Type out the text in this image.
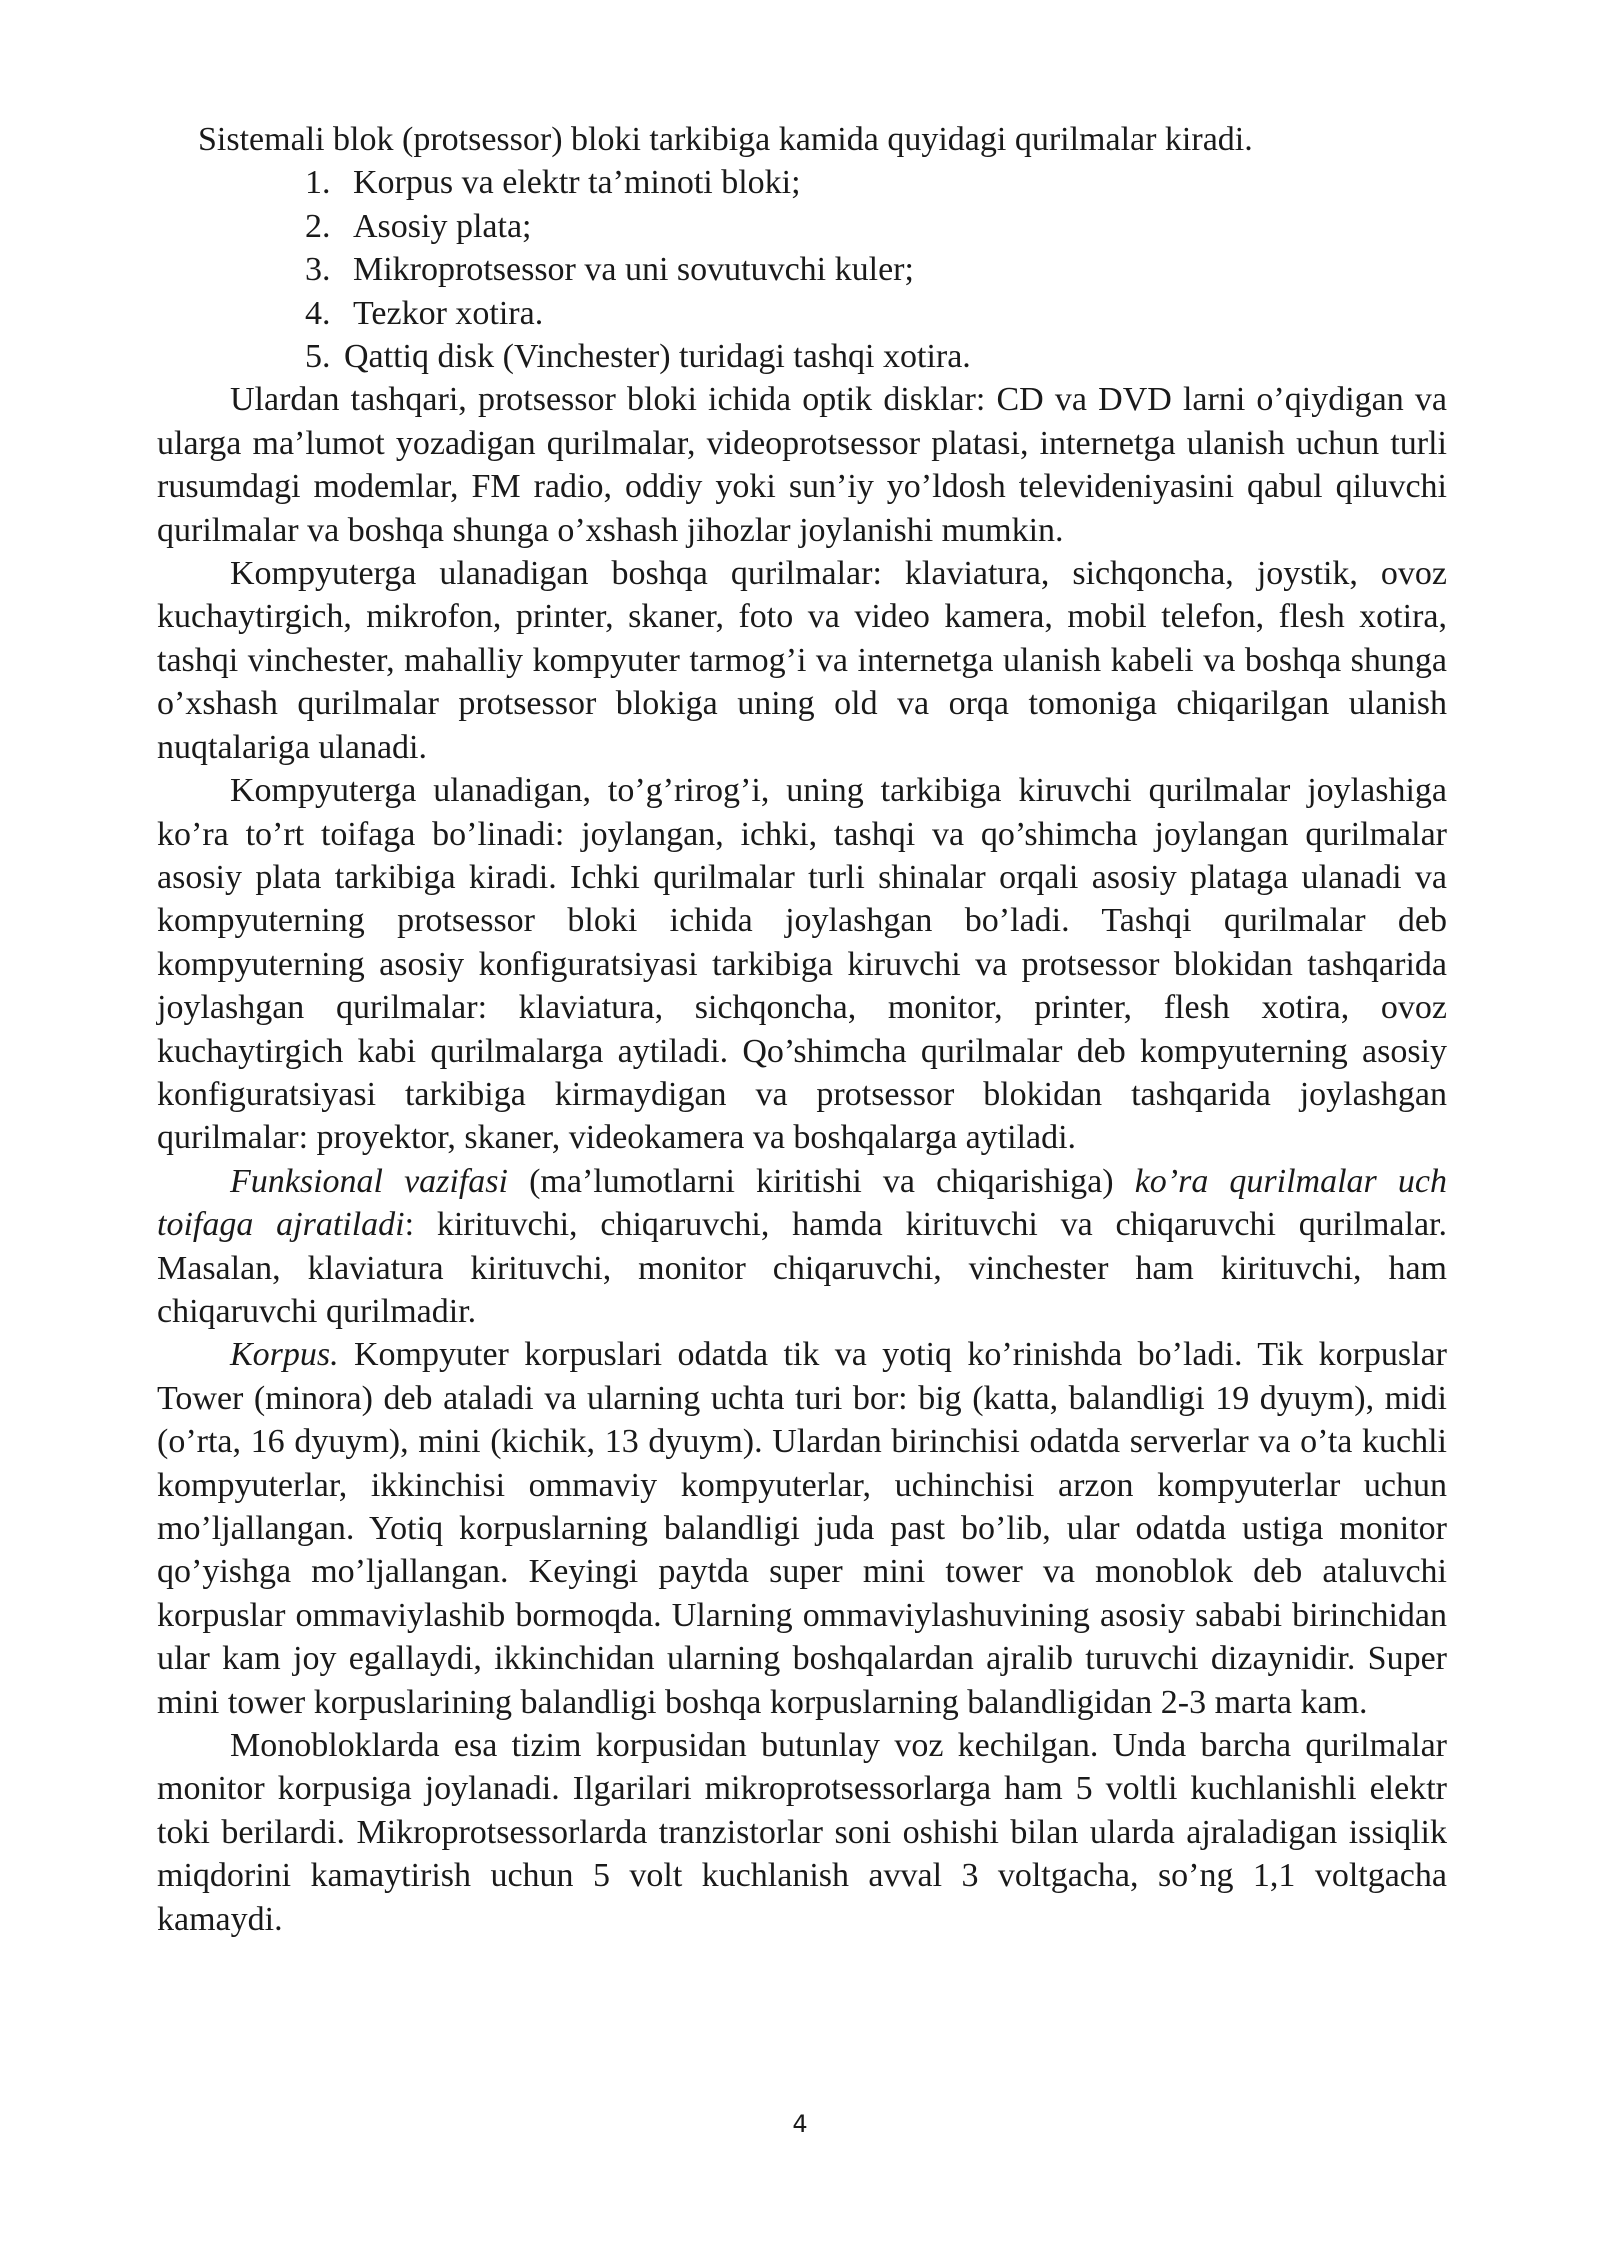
Sistemali blok (protsessor) bloki tarkibiga kamida quyidagi qurilmalar kiradi.

1. Korpus va elektr ta’minoti bloki;
2. Asosiy plata;
3. Mikroprotsessor va uni sovutuvchi kuler;
4. Tezkor xotira.
5. Qattiq disk (Vinchester) turidagi tashqi xotira.

Ulardan tashqari, protsessor bloki ichida optik disklar: CD va DVD larni o’qiydigan va ularga ma’lumot yozadigan qurilmalar, videoprotsessor platasi, internetga ulanish uchun turli rusumdagi modemlar, FM radio, oddiy yoki sun’iy yo’ldosh televideniyasini qabul qiluvchi qurilmalar va boshqa shunga o’xshash jihozlar joylanishi mumkin.

Kompyuterga ulanadigan boshqa qurilmalar: klaviatura, sichqoncha, joystik, ovoz kuchaytirgich, mikrofon, printer, skaner, foto va video kamera, mobil telefon, flesh xotira, tashqi vinchester, mahalliy kompyuter tarmog’i va internetga ulanish kabeli va boshqa shunga o’xshash qurilmalar protsessor blokiga uning old va orqa tomoniga chiqarilgan ulanish nuqtalariga ulanadi.

Kompyuterga ulanadigan, to’g’rirog’i, uning tarkibiga kiruvchi qurilmalar joylashiga ko’ra to’rt toifaga bo’linadi: joylangan, ichki, tashqi va qo’shimcha joylangan qurilmalar asosiy plata tarkibiga kiradi. Ichki qurilmalar turli shinalar orqali asosiy plataga ulanadi va kompyuterning protsessor bloki ichida joylashgan bo’ladi. Tashqi qurilmalar deb kompyuterning asosiy konfiguratsiyasi tarkibiga kiruvchi va protsessor blokidan tashqarida joylashgan qurilmalar: klaviatura, sichqoncha, monitor, printer, flesh xotira, ovoz kuchaytirgich kabi qurilmalarga aytiladi. Qo’shimcha qurilmalar deb kompyuterning asosiy konfiguratsiyasi tarkibiga kirmaydigan va protsessor blokidan tashqarida joylashgan qurilmalar: proyektor, skaner, videokamera va boshqalarga aytiladi.

Funksional vazifasi (ma’lumotlarni kiritishi va chiqarishiga) ko’ra qurilmalar uch toifaga ajratiladi: kirituvchi, chiqaruvchi, hamda kirituvchi va chiqaruvchi qurilmalar. Masalan, klaviatura kirituvchi, monitor chiqaruvchi, vinchester ham kirituvchi, ham chiqaruvchi qurilmadir.

Korpus. Kompyuter korpuslari odatda tik va yotiq ko’rinishda bo’ladi. Tik korpuslar Tower (minora) deb ataladi va ularning uchta turi bor: big (katta, balandligi 19 dyuym), midi (o’rta, 16 dyuym), mini (kichik, 13 dyuym). Ulardan birinchisi odatda serverlar va o’ta kuchli kompyuterlar, ikkinchisi ommaviy kompyuterlar, uchinchisi arzon kompyuterlar uchun mo’ljallangan. Yotiq korpuslarning balandligi juda past bo’lib, ular odatda ustiga monitor qo’yishga mo’ljallangan. Keyingi paytda super mini tower va monoblok deb ataluvchi korpuslar ommaviylashib bormoqda. Ularning ommaviylashuvining asosiy sababi birinchidan ular kam joy egallaydi, ikkinchidan ularning boshqalardan ajralib turuvchi dizaynidir. Super mini tower korpuslarining balandligi boshqa korpuslarning balandligidan 2-3 marta kam.

Monobloklarda esa tizim korpusidan butunlay voz kechilgan. Unda barcha qurilmalar monitor korpusiga joylanadi. Ilgarilari mikroprotsessorlarga ham 5 voltli kuchlanishli elektr toki berilardi. Mikroprotsessorlarda tranzistorlar soni oshishi bilan ularda ajraladigan issiqlik miqdorini kamaytirish uchun 5 volt kuchlanish avval 3 voltgacha, so’ng 1,1 voltgacha kamaydi.

4
